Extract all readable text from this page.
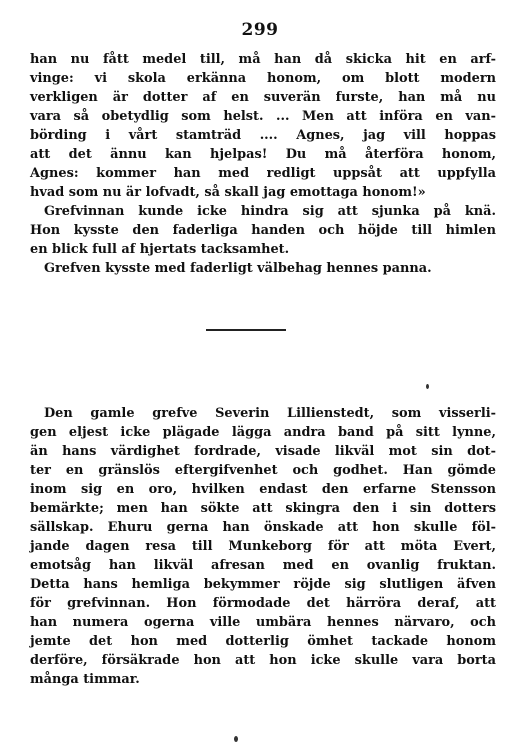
299
han nu fått medel till, må han då skicka hit en arf-
vinge: vi skola erkänna honom, om blott modern
verkligen är dotter af en suverän furste, han må nu
vara så obetydlig som helst. ... Men att införa en van-
börding i vårt stamträd .... Agnes, jag vill hoppas
att det ännu kan hjelpas! Du må återföra honom,
Agnes: kommer han med redligt uppsåt att uppfylla
hvad som nu är lofvadt, så skall jag emottaga honom!»
Grefvinnan kunde icke hindra sig att sjunka på knä.
Hon kysste den faderliga handen och höjde till himlen
en blick full af hjertats tacksamhet.
Grefven kysste med faderligt välbehag hennes panna.
Den gamle grefve Severin Lillienstedt, som visserli-
gen eljest icke plägade lägga andra band på sitt lynne,
än hans värdighet fordrade, visade likväl mot sin dot-
ter en gränslös eftergifvenhet och godhet. Han gömde
inom sig en oro, hvilken endast den erfarne Stensson
bemärkte; men han sökte att skingra den i sin dotters
sällskap. Ehuru gerna han önskade att hon skulle föl-
jande dagen resa till Munkeborg för att möta Evert,
emotsåg han likväl afresan med en ovanlig fruktan.
Detta hans hemliga bekymmer röjde sig slutligen äfven
för grefvinnan. Hon förmodade det härröra deraf, att
han numera ogerna ville umbära hennes närvaro, och
jemte det hon med dotterlig ömhet tackade honom
derföre, försäkrade hon att hon icke skulle vara borta
många timmar.
